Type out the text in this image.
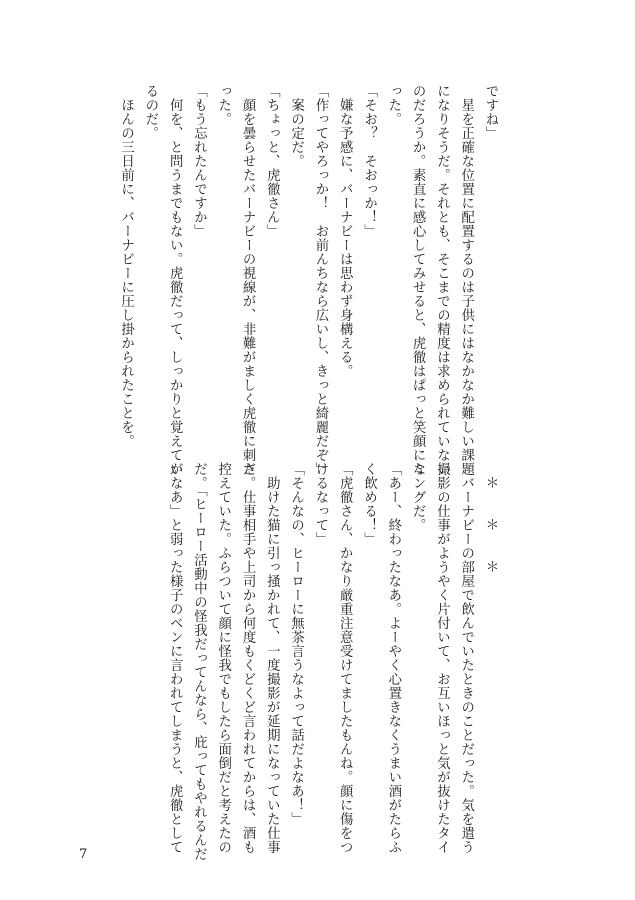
ですね」
　星を正確な位置に配置するのは子供にはなかなか難しい課題
になりそうだ。それとも、そこまでの精度は求められていない
のだろうか。素直に感心してみせると、虎徹はぱっと笑顔にな
った。
「そお？　そおっか！」
　嫌な予感に、バーナビーは思わず身構える。
「作ってやろっか！　お前んちなら広いし、きっと綺麗だぞ」
　案の定だ。
「ちょっと、虎徹さん」
　顔を曇らせたバーナビーの視線が、非難がましく虎徹に刺さ
った。
「もう忘れたんですか」
　何を、と問うまでもない。虎徹だって、しっかりと覚えてい
るのだ。
　ほんの三日前に、バーナビーに圧し掛かられたことを。
＊　　＊　　＊
　バーナビーの部屋で飲んでいたときのことだった。気を遣う
撮影の仕事がようやく片付いて、お互いほっと気が抜けたタイ
ミングだ。
「あー、終わったなあ。よーやく心置きなくうまい酒がたらふ
く飲める！」
「虎徹さん、かなり厳重注意受けてましたもんね。顔に傷をつ
けるなって」
「そんなの、ヒーローに無茶言うなよって話だよなあ！」
　助けた猫に引っ掻かれて、一度撮影が延期になっていた仕事
だ。仕事相手や上司から何度もくどくど言われてからは、酒も
控えていた。ふらついて顔に怪我でもしたら面倒だと考えたの
だ。「ヒーロー活動中の怪我だってんなら、庇ってもやれるんだ
がなあ」と弱った様子のベンに言われてしまうと、虎徹として
7
